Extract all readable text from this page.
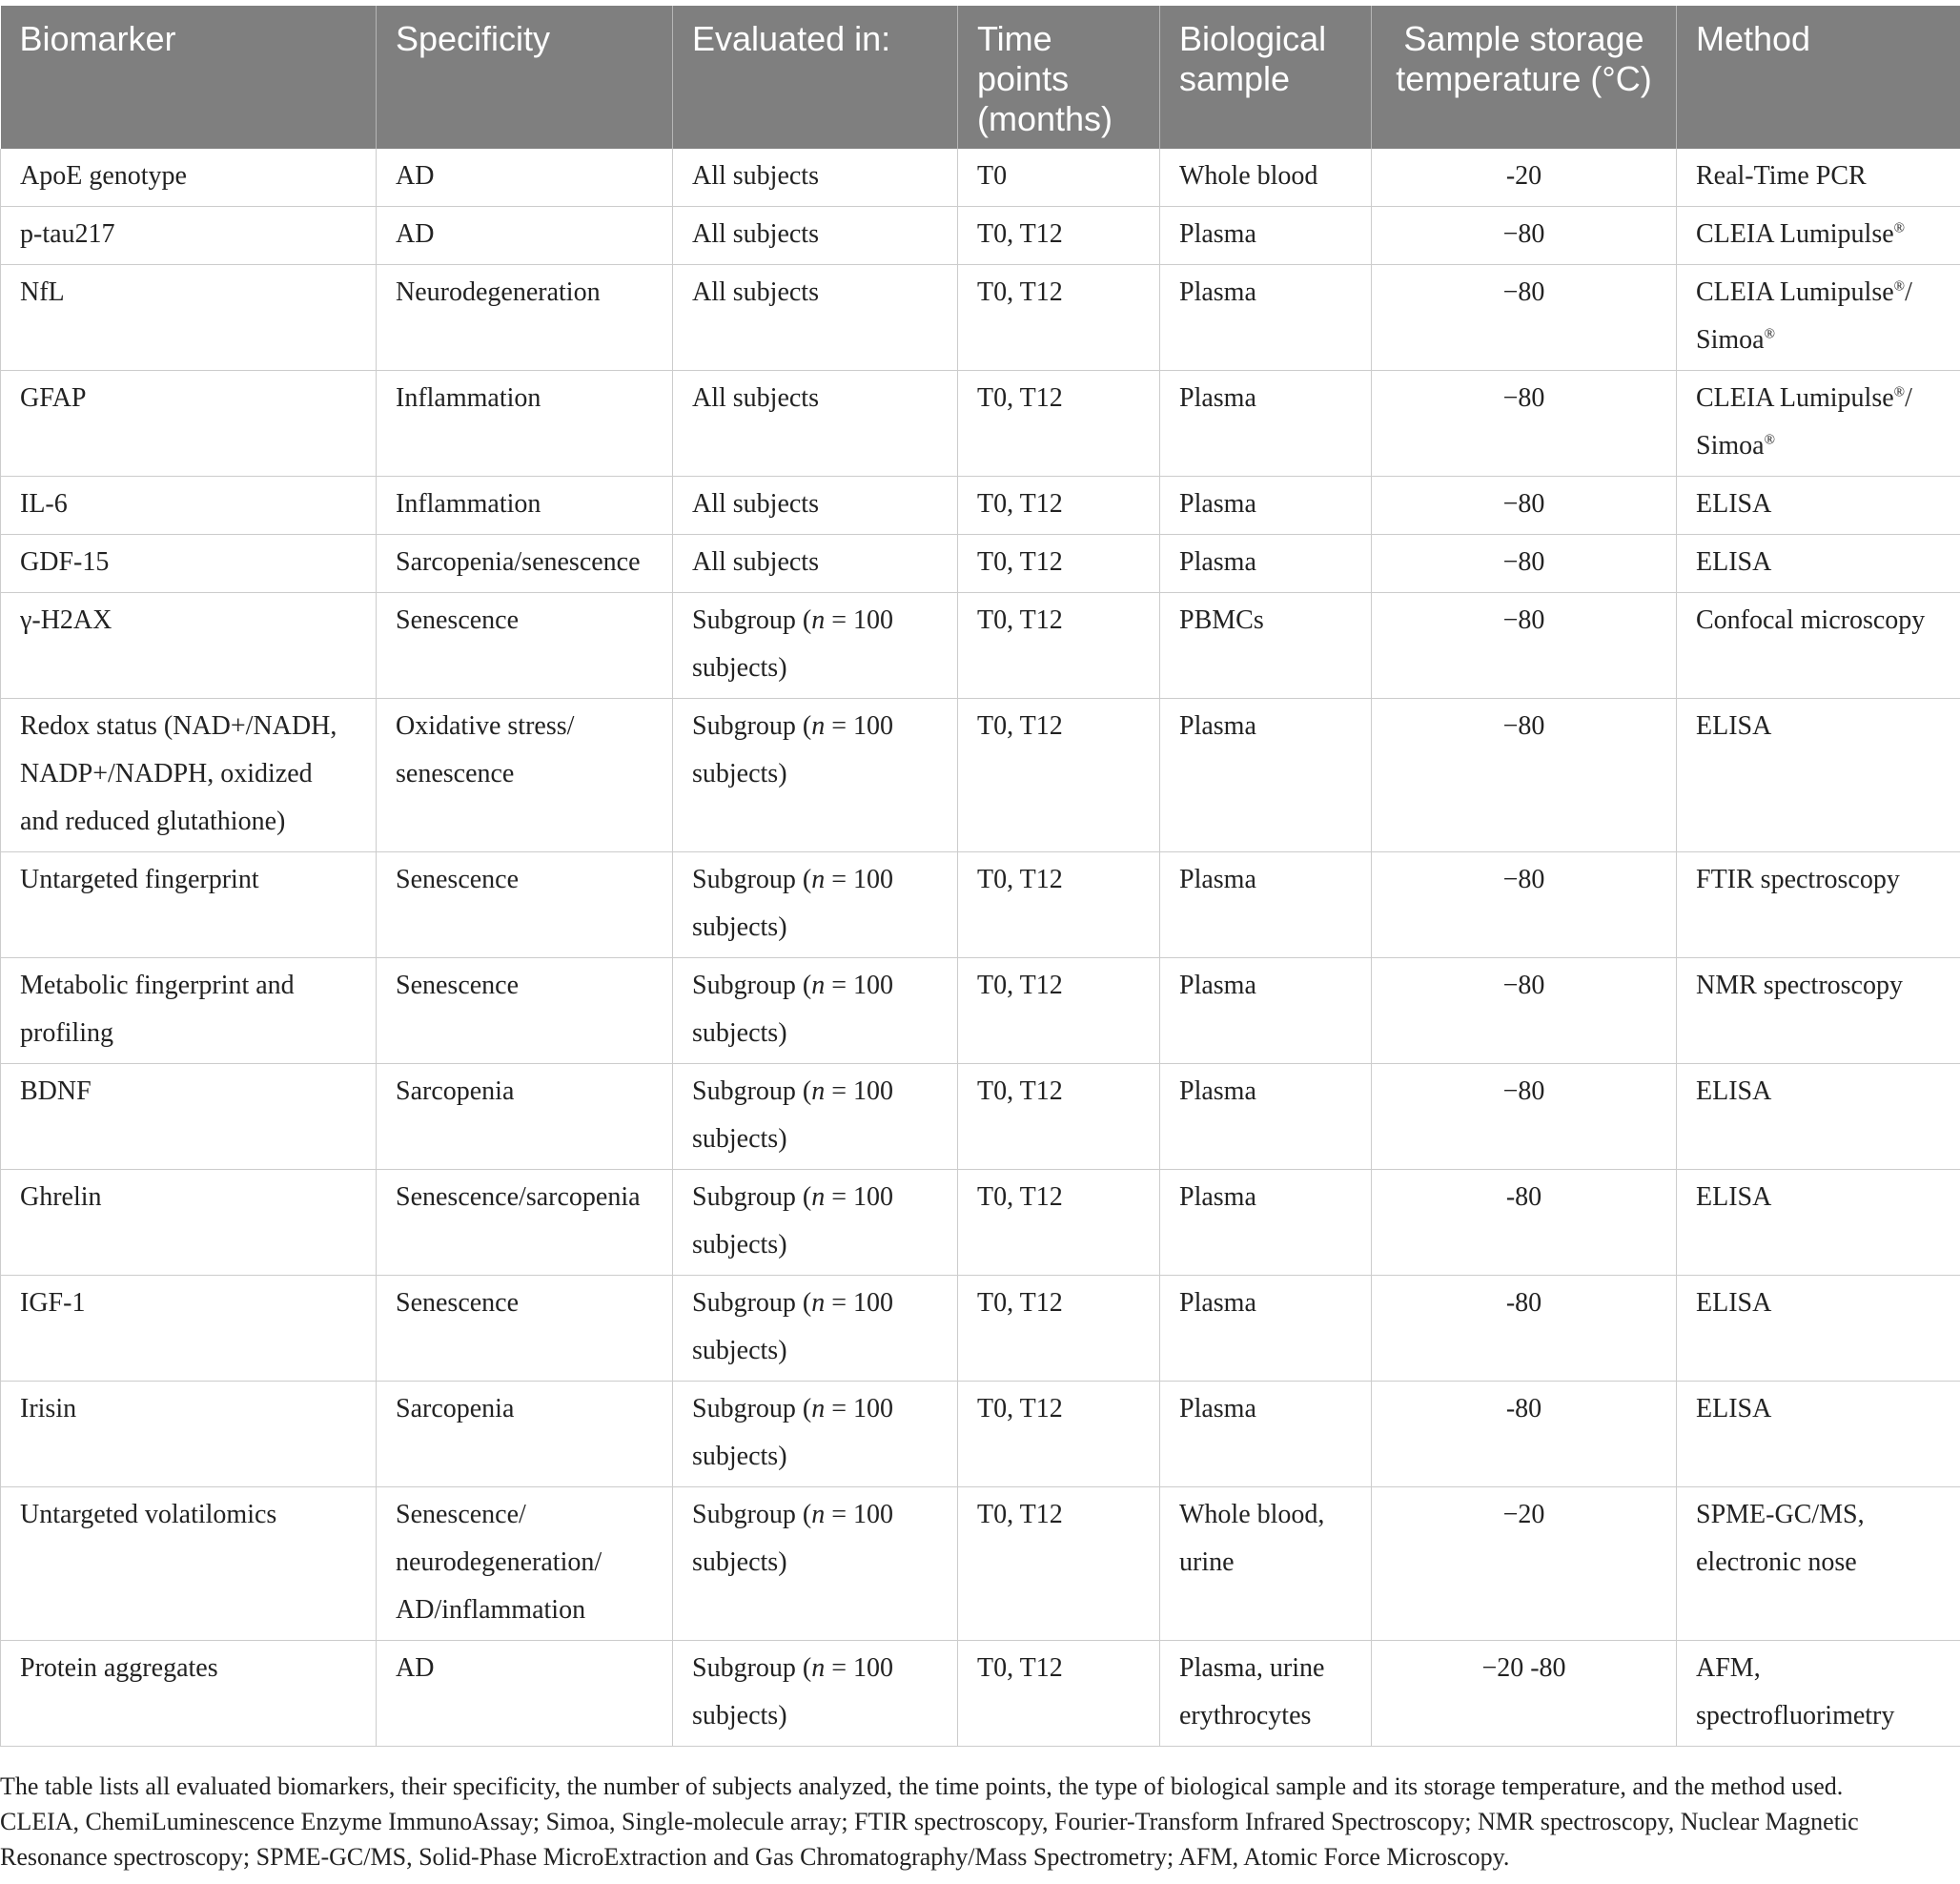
Biomarker	Specificity	Evaluated in:	Time points (months)	Biological sample	Sample storage temperature (°C)	Method
ApoE genotype	AD	All subjects	T0	Whole blood	-20	Real-Time PCR
p-tau217	AD	All subjects	T0, T12	Plasma	−80	CLEIA Lumipulse®
NfL	Neurodegeneration	All subjects	T0, T12	Plasma	−80	CLEIA Lumipulse®/ Simoa®
GFAP	Inflammation	All subjects	T0, T12	Plasma	−80	CLEIA Lumipulse®/ Simoa®
IL-6	Inflammation	All subjects	T0, T12	Plasma	−80	ELISA
GDF-15	Sarcopenia/senescence	All subjects	T0, T12	Plasma	−80	ELISA
γ-H2AX	Senescence	Subgroup (n = 100 subjects)	T0, T12	PBMCs	−80	Confocal microscopy
Redox status (NAD+/NADH, NADP+/NADPH, oxidized and reduced glutathione)	Oxidative stress/ senescence	Subgroup (n = 100 subjects)	T0, T12	Plasma	−80	ELISA
Untargeted fingerprint	Senescence	Subgroup (n = 100 subjects)	T0, T12	Plasma	−80	FTIR spectroscopy
Metabolic fingerprint and profiling	Senescence	Subgroup (n = 100 subjects)	T0, T12	Plasma	−80	NMR spectroscopy
BDNF	Sarcopenia	Subgroup (n = 100 subjects)	T0, T12	Plasma	−80	ELISA
Ghrelin	Senescence/sarcopenia	Subgroup (n = 100 subjects)	T0, T12	Plasma	-80	ELISA
IGF-1	Senescence	Subgroup (n = 100 subjects)	T0, T12	Plasma	-80	ELISA
Irisin	Sarcopenia	Subgroup (n = 100 subjects)	T0, T12	Plasma	-80	ELISA
Untargeted volatilomics	Senescence/ neurodegeneration/ AD/inflammation	Subgroup (n = 100 subjects)	T0, T12	Whole blood, urine	−20	SPME-GC/MS, electronic nose
Protein aggregates	AD	Subgroup (n = 100 subjects)	T0, T12	Plasma, urine erythrocytes	−20 -80	AFM, spectrofluorimetry

The table lists all evaluated biomarkers, their specificity, the number of subjects analyzed, the time points, the type of biological sample and its storage temperature, and the method used.

CLEIA, ChemiLuminescence Enzyme ImmunoAssay; Simoa, Single-molecule array; FTIR spectroscopy, Fourier-Transform Infrared Spectroscopy; NMR spectroscopy, Nuclear Magnetic Resonance spectroscopy; SPME-GC/MS, Solid-Phase MicroExtraction and Gas Chromatography/Mass Spectrometry; AFM, Atomic Force Microscopy.
